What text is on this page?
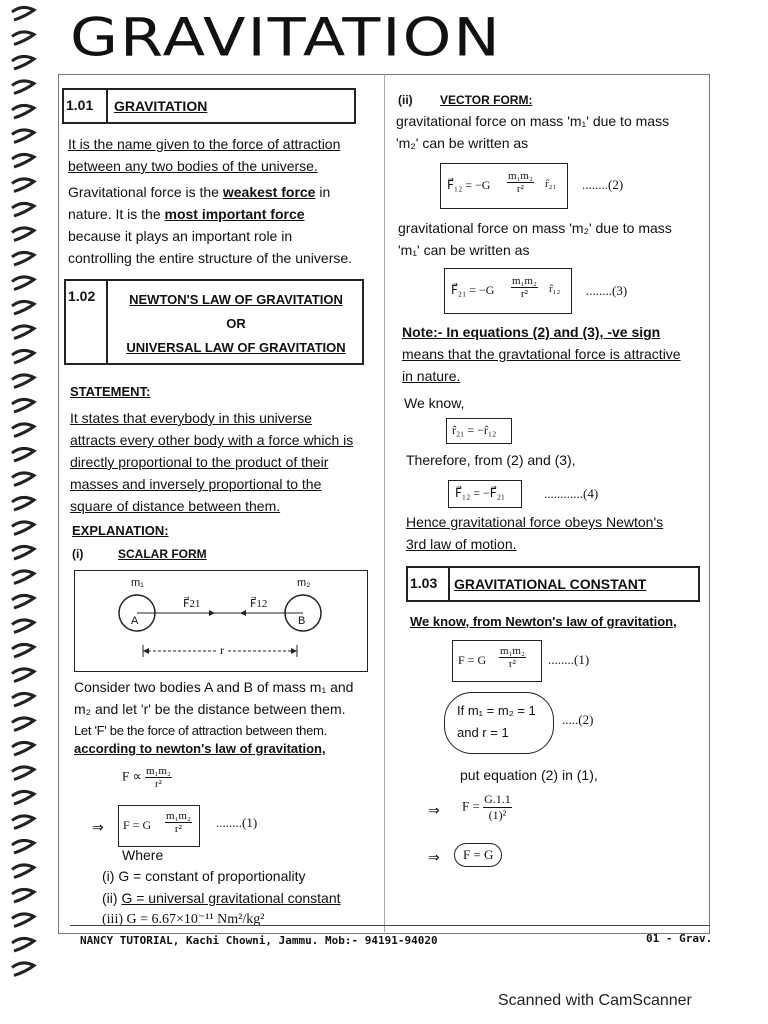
GRAVITATION
1.01 GRAVITATION
It is the name given to the force of attraction
between any two bodies of the universe.
Gravitational force is the weakest force in
nature. It is the most important force
because it plays an important role in
controlling the entire structure of the universe.
1.02	NEWTON'S LAW OF GRAVITATION
OR
UNIVERSAL LAW OF GRAVITATION
STATEMENT:
It states that everybody in this universe
attracts every other body with a force which is
directly proportional to the product of their
masses and inversely proportional to the
square of distance between them.
EXPLANATION:
(i)	SCALAR FORM
m₁	m₂
A	B
F⃗21	F⃗12
r
Consider two bodies A and B of mass m₁ and
m₂ and let 'r' be the distance between them.
Let 'F' be the force of attraction between them.
according to newton's law of gravitation,
$F \propto \frac{\text{m₁m₂}}{\text{r²}}$
⇒ F = G $\frac{\text{m₁m₂}}{\text{r²}} ........(1)$
Where
(i) G = constant of proportionality
(ii) G = universal gravitational constant
(iii) G = 6.67×10⁻¹¹ Nm²/kg²
(ii) VECTOR FORM:
gravitational force on mass 'm₁' due to mass
'm₂' can be written as
F⃗₁₂ = $-G \frac{\text{m₁m₂}}{\text{r²}}$ r̂₂₁ ........(2)
gravitational force on mass 'm₂' due to mass
'm₁' can be written as
F⃗₂₁ = $-G \frac{\text{m₁m₂}}{\text{r²}}$ r̂₁₂ ........(3)
Note:- In equations (2) and (3), -ve sign
means that the gravtational force is attractive
in nature.
We know,
r̂₂₁ = −r̂₁₂
Therefore, from (2) and (3),
F⃗₁₂ = −F⃗₂₁	............(4)
Hence gravitational force obeys Newton's
3rd law of motion.
1.03 GRAVITATIONAL CONSTANT
We know, from Newton's law of gravitation,
F = G $\frac{\text{m₁m₂}}{\text{r²}} ........(1)$
If m₁ = m₂ = 1
and r = 1
.....(2)
put equation (2) in (1),
⇒ $F = \frac{G.1.1}{\text{(1)²}}$
⇒	F = G
NANCY TUTORIAL, Kachi Chowni, Jammu. Mob:- 94191-94020	01 - Grav.
Scanned with CamScanner
